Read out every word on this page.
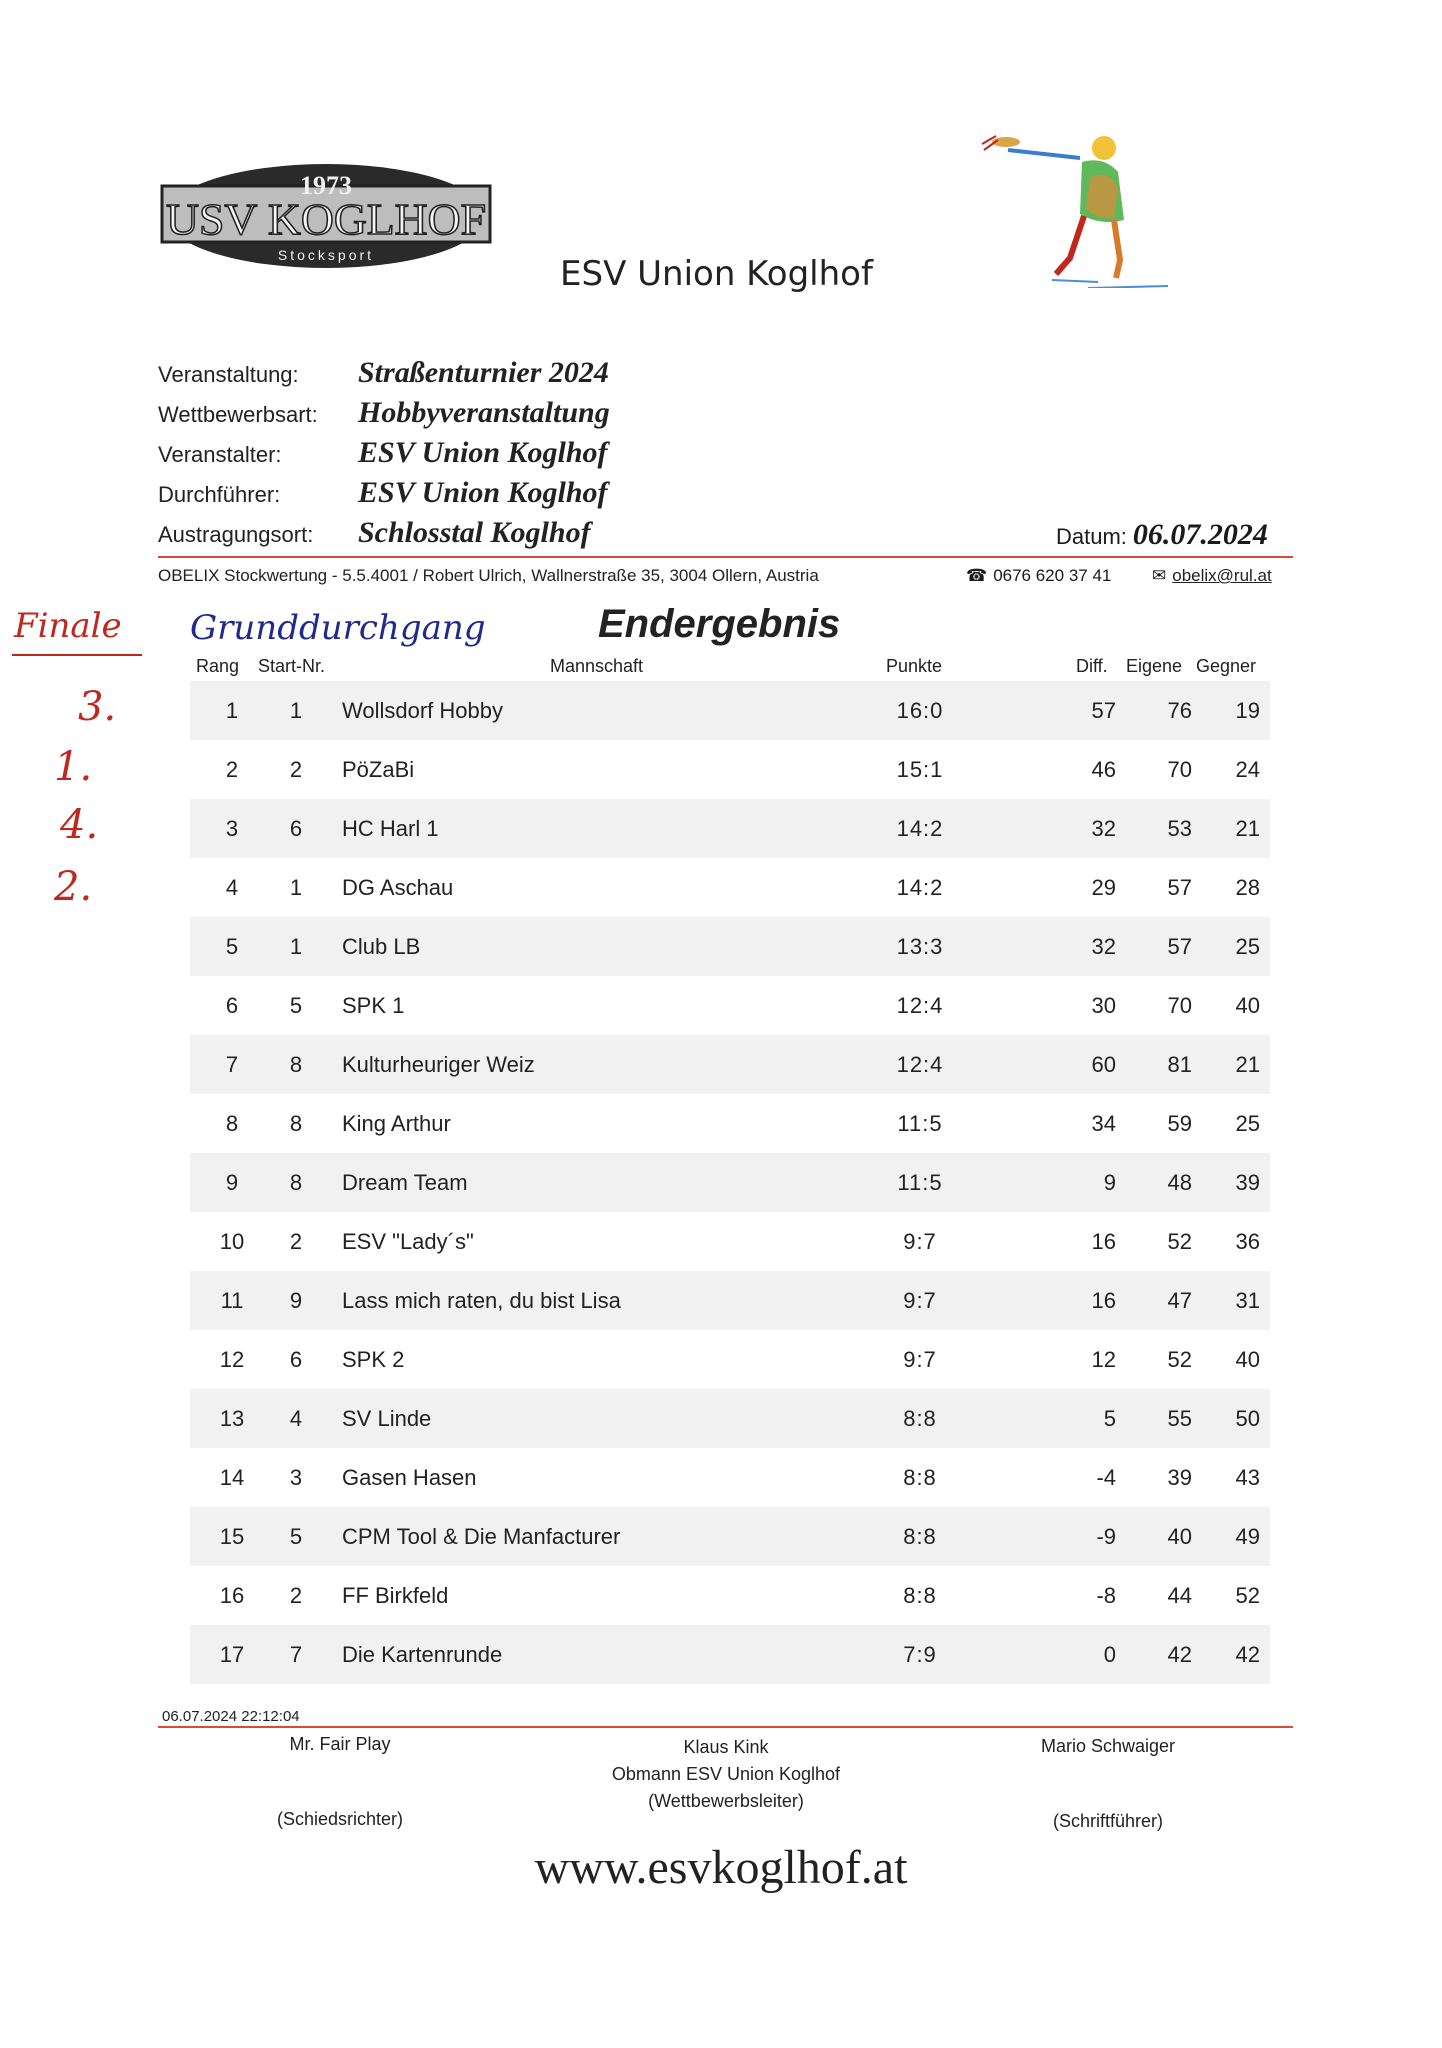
1973
USV KOGLHOF
Stocksport	ESV Union Koglhof
Veranstaltung:	Straßenturnier 2024
Wettbewerbsart:	Hobbyveranstaltung
Veranstalter:	ESV Union Koglhof
Durchführer:	ESV Union Koglhof
Austragungsort:	Schlosstal Koglhof	Datum: 06.07.2024
OBELIX Stockwertung - 5.5.4001 / Robert Ulrich, Wallnerstraße 35, 3004 Ollern, Austria	☎ 0676 620 37 41 ✉ obelix@rul.at
Finale Grunddurchgang
3.
1.
4.
2.
Endergebnis
Rang Start-Nr.	Mannschaft	Punkte	Diff. Eigene Gegner
1	1	Wollsdorf Hobby	16:0	57	76	19
2	2	PöZaBi	15:1	46	70	24
3	6	HC Harl 1	14:2	32	53	21
4	1	DG Aschau	14:2	29	57	28
5	1	Club LB	13:3	32	57	25
6	5	SPK 1	12:4	30	70	40
7	8	Kulturheuriger Weiz	12:4	60	81	21
8	8	King Arthur	11:5	34	59	25
9	8	Dream Team	11:5	9	48	39
10	2	ESV "Lady´s"	9:7	16	52	36
11	9	Lass mich raten, du bist Lisa	9:7	16	47	31
12	6	SPK 2	9:7	12	52	40
13	4	SV Linde	8:8	5	55	50
14	3	Gasen Hasen	8:8	-4	39	43
15	5	CPM Tool & Die Manfacturer	8:8	-9	40	49
16	2	FF Birkfeld	8:8	-8	44	52
17	7	Die Kartenrunde	7:9	0	42	42
06.07.2024 22:12:04
Mr. Fair Play
(Schiedsrichter)
Klaus Kink
Obmann ESV Union Koglhof
(Wettbewerbsleiter)
Mario Schwaiger
(Schriftführer)
www.esvkoglhof.at
